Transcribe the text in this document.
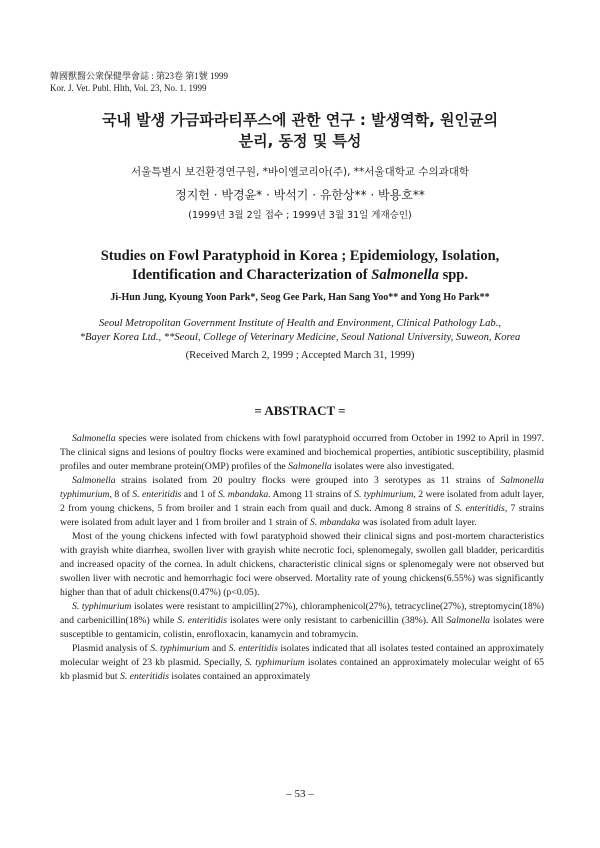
韓國獸醫公衆保健學會誌 : 第23卷 第1號 1999
Kor. J. Vet. Publ. Hlth, Vol. 23, No. 1. 1999
국내 발생 가금파라티푸스에 관한 연구 : 발생역학, 원인균의
분리, 동정 및 특성
서울특별시 보건환경연구원, *바이엘코리아(주), **서울대학교 수의과대학
정지헌 · 박경윤* · 박석기 · 유한상** · 박용호**
(1999년 3월 2일 접수 ; 1999년 3월 31일 게재승인)
Studies on Fowl Paratyphoid in Korea ; Epidemiology, Isolation,
Identification and Characterization of Salmonella spp.
Ji-Hun Jung, Kyoung Yoon Park*, Seog Gee Park, Han Sang Yoo** and Yong Ho Park**
Seoul Metropolitan Government Institute of Health and Environment, Clinical Pathology Lab.,
*Bayer Korea Ltd., **Seoul, College of Veterinary Medicine, Seoul National University, Suweon, Korea
(Received March 2, 1999 ; Accepted March 31, 1999)
= ABSTRACT =

Salmonella species were isolated from chickens with fowl paratyphoid occurred from October in 1992 to April in 1997. The clinical signs and lesions of poultry flocks were examined and biochemical properties, antibiotic susceptibility, plasmid profiles and outer membrane protein(OMP) profiles of the Salmonella isolates were also investigated.

Salmonella strains isolated from 20 poultry flocks were grouped into 3 serotypes as 11 strains of Salmonella typhimurium, 8 of S. enteritidis and 1 of S. mbandaka. Among 11 strains of S. typhimurium, 2 were isolated from adult layer, 2 from young chickens, 5 from broiler and 1 strain each from quail and duck. Among 8 strains of S. enteritidis, 7 strains were isolated from adult layer and 1 from broiler and 1 strain of S. mbandaka was isolated from adult layer.

Most of the young chickens infected with fowl paratyphoid showed their clinical signs and post-mortem characteristics with grayish white diarrhea, swollen liver with grayish white necrotic foci, splenomegaly, swollen gall bladder, pericarditis and increased opacity of the cornea. In adult chickens, characteristic clinical signs or splenomegaly were not observed but swollen liver with necrotic and hemorrhagic foci were observed. Mortality rate of young chickens(6.55%) was significantly higher than that of adult chickens(0.47%) (p<0.05).

S. typhimurium isolates were resistant to ampicillin(27%), chloramphenicol(27%), tetracycline(27%), streptomycin(18%) and carbenicillin(18%) while S. enteritidis isolates were only resistant to carbenicillin (38%). All Salmonella isolates were susceptible to gentamicin, colistin, enrofloxacin, kanamycin and tobramycin.

Plasmid analysis of S. typhimurium and S. enteritidis isolates indicated that all isolates tested contained an approximately molecular weight of 23 kb plasmid. Specially, S. typhimurium isolates contained an approximately molecular weight of 65 kb plasmid but S. enteritidis isolates contained an approximately

– 53 –
